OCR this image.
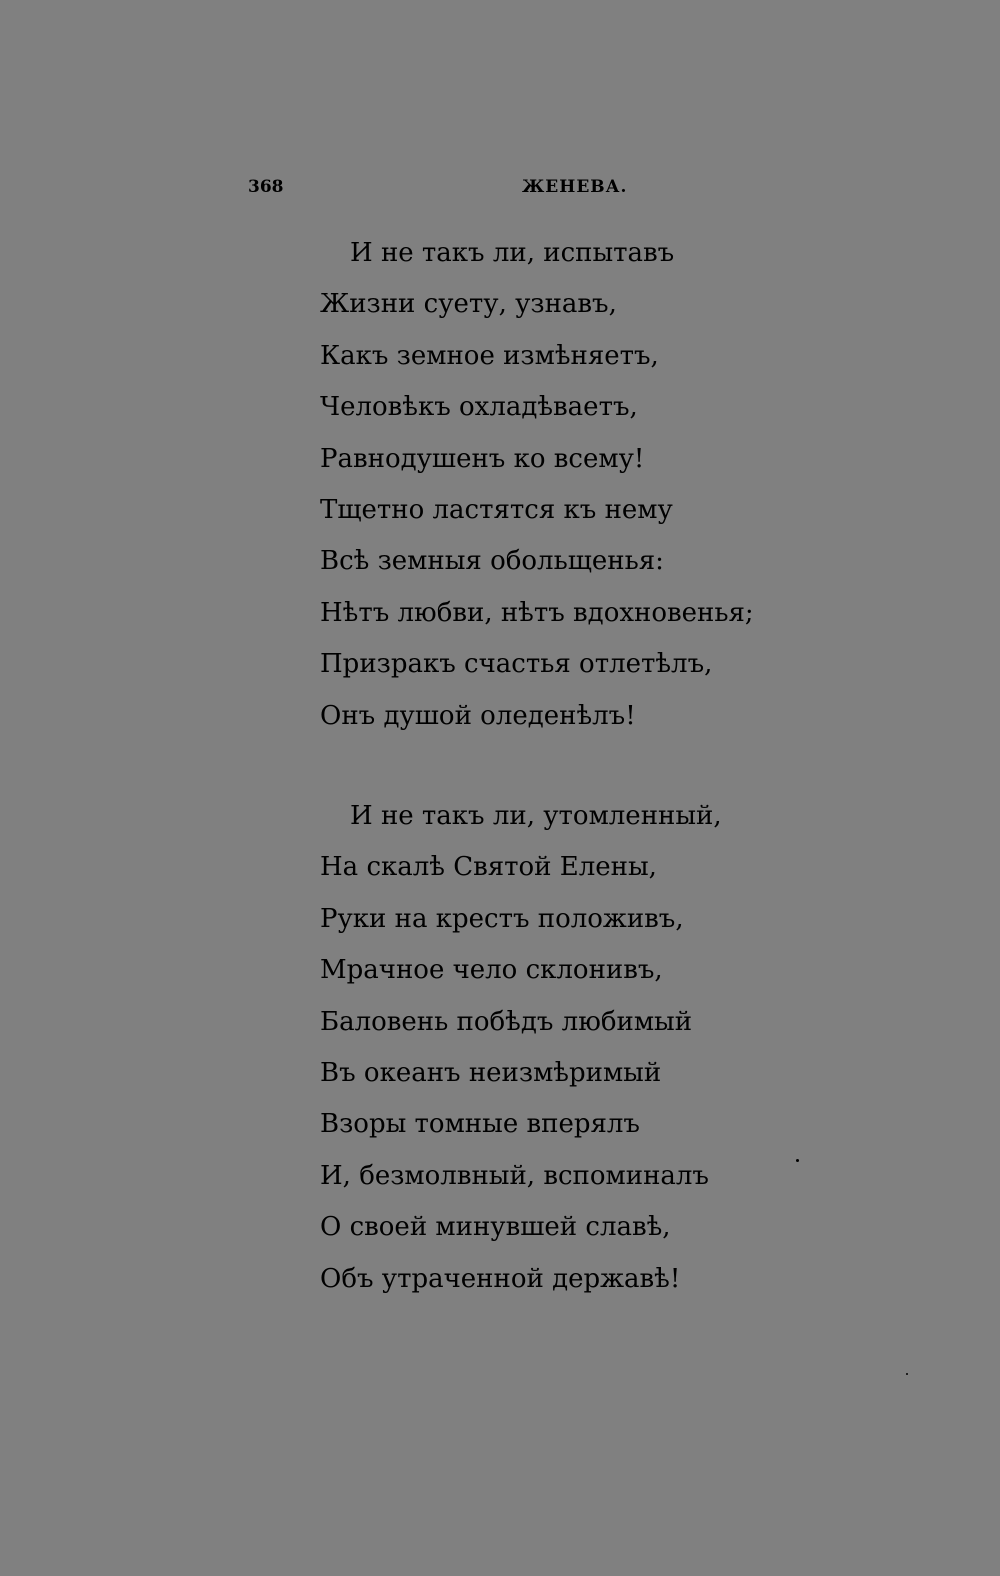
368	ЖЕНЕВА.
И не такъ ли, испытавъ
Жизни суету, узнавъ,
Какъ земное измѣняетъ,
Человѣкъ охладѣваетъ,
Равнодушенъ ко всему!
Тщетно ластятся къ нему
Всѣ земныя обольщенья:
Нѣтъ любви, нѣтъ вдохновенья;
Призракъ счастья отлетѣлъ,
Онъ душой оледенѣлъ!
И не такъ ли, утомленный,
На скалѣ Святой Елены,
Руки на крестъ положивъ,
Мрачное чело склонивъ,
Баловень побѣдъ любимый
Въ океанъ неизмѣримый
Взоры томные вперялъ
И, безмолвный, вспоминалъ
О своей минувшей славѣ,
Объ утраченной державѣ!
